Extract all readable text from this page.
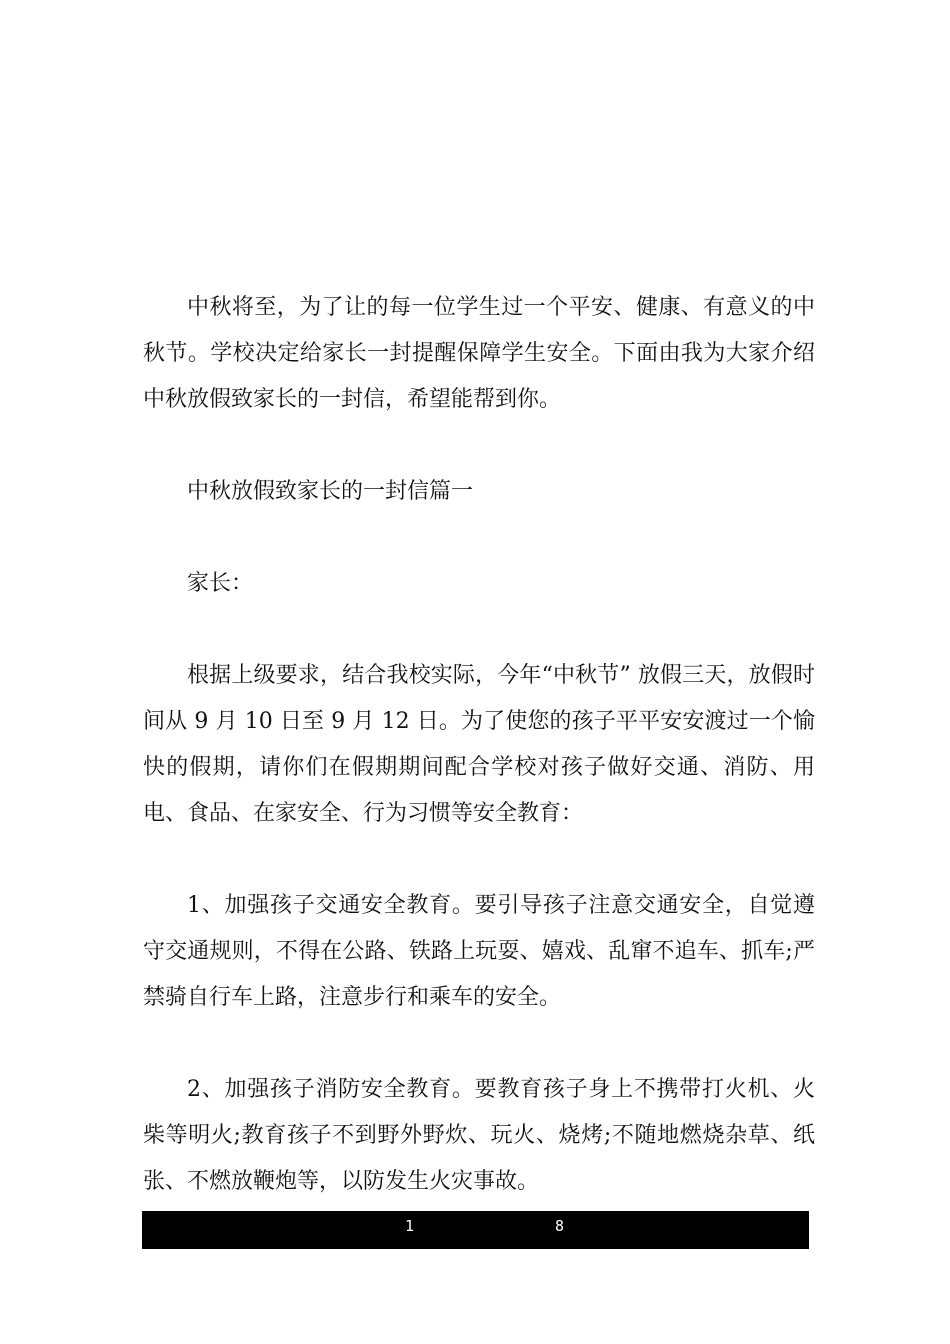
中秋将至，为了让的每一位学生过一个平安、健康、有意义的中秋节。学校决定给家长一封提醒保障学生安全。下面由我为大家介绍中秋放假致家长的一封信，希望能帮到你。

中秋放假致家长的一封信篇一

家长：

根据上级要求，结合我校实际，今年“中秋节” 放假三天，放假时间从 9 月 10 日至 9 月 12 日。为了使您的孩子平平安安渡过一个愉快的假期，请你们在假期期间配合学校对孩子做好交通、消防、用电、食品、在家安全、行为习惯等安全教育：

1、加强孩子交通安全教育。要引导孩子注意交通安全，自觉遵守交通规则，不得在公路、铁路上玩耍、嬉戏、乱窜不追车、抓车;严禁骑自行车上路，注意步行和乘车的安全。

2、加强孩子消防安全教育。要教育孩子身上不携带打火机、火柴等明火;教育孩子不到野外野炊、玩火、烧烤;不随地燃烧杂草、纸张、不燃放鞭炮等，以防发生火灾事故。

1	8
